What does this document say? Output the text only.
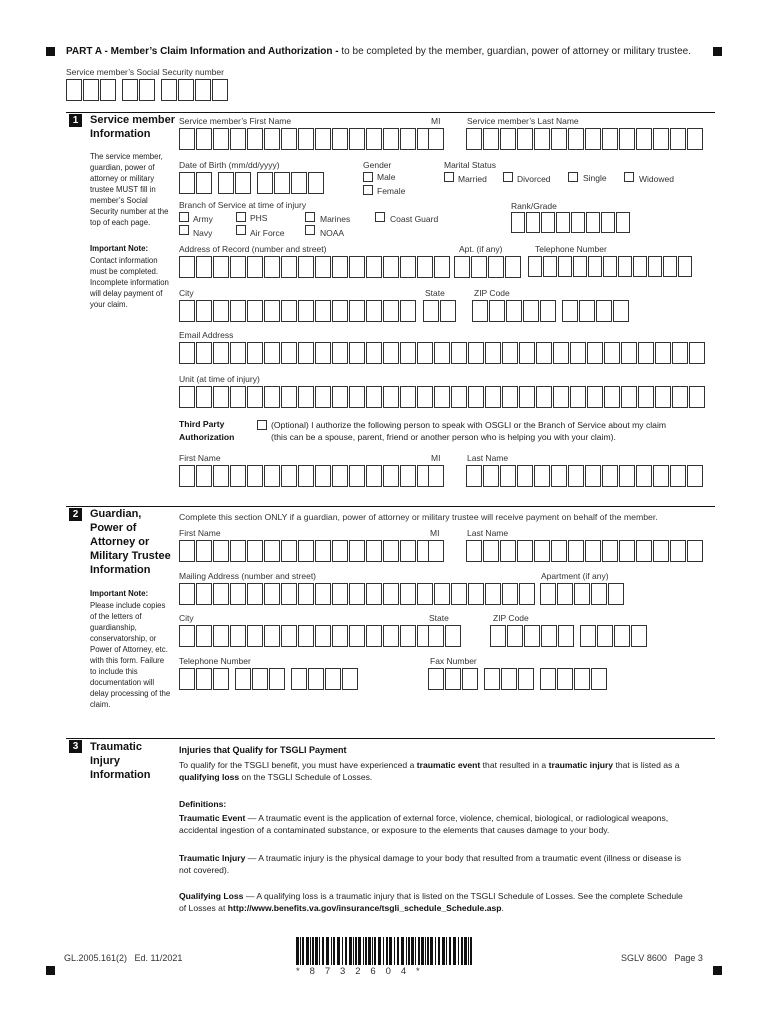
PART A - Member’s Claim Information and Authorization - to be completed by the member, guardian, power of attorney or military trustee.
Service member’s Social Security number
1	Service member Information
The service member, guardian, power of attorney or military trustee MUST fill in member’s Social Security number at the top of each page.
Important Note:
Contact information must be completed. Incomplete information will delay payment of your claim.
Service member’s First Name	MI	Service member’s Last Name
Date of Birth (mm/dd/yyyy)	Gender
Male
Female
Marital Status
Married	Divorced	Single	Widowed
Branch of Service at time of injury	Rank/Grade
Army	PHS	Marines	Coast Guard
Navy	Air Force	NOAA
Address of Record (number and street)	Apt. (if any)	Telephone Number
City	State	ZIP Code
Email Address
Unit (at time of injury)
Third Party Authorization
(Optional) I authorize the following person to speak with OSGLI or the Branch of Service about my claim (this can be a spouse, parent, friend or another person who is helping you with your claim).
First Name	MI	Last Name
2	Guardian, Power of Attorney or Military Trustee Information
Important Note:
Please include copies of the letters of guardianship, conservatorship, or Power of Attorney, etc. with this form. Failure to include this documentation will delay processing of the claim.
Complete this section ONLY if a guardian, power of attorney or military trustee will receive payment on behalf of the member.
First Name	MI	Last Name
Mailing Address (number and street)	Apartment (if any)
City	State	ZIP Code
Telephone Number	Fax Number
3	Traumatic Injury Information
Injuries that Qualify for TSGLI Payment
To qualify for the TSGLI benefit, you must have experienced a traumatic event that resulted in a traumatic injury that is listed as a qualifying loss on the TSGLI Schedule of Losses.
Definitions:
Traumatic Event — A traumatic event is the application of external force, violence, chemical, biological, or radiological weapons, accidental ingestion of a contaminated substance, or exposure to the elements that causes damage to your body.
Traumatic Injury — A traumatic injury is the physical damage to your body that resulted from a traumatic event (illness or disease is not covered).
Qualifying Loss — A qualifying loss is a traumatic injury that is listed on the TSGLI Schedule of Losses. See the complete Schedule of Losses at http://www.benefits.va.gov/insurance/tsgli_schedule_Schedule.asp.
GL.2005.161(2)   Ed. 11/2021
*   8   7   3   2   6   0   4   *
SGLV 8600   Page 3
